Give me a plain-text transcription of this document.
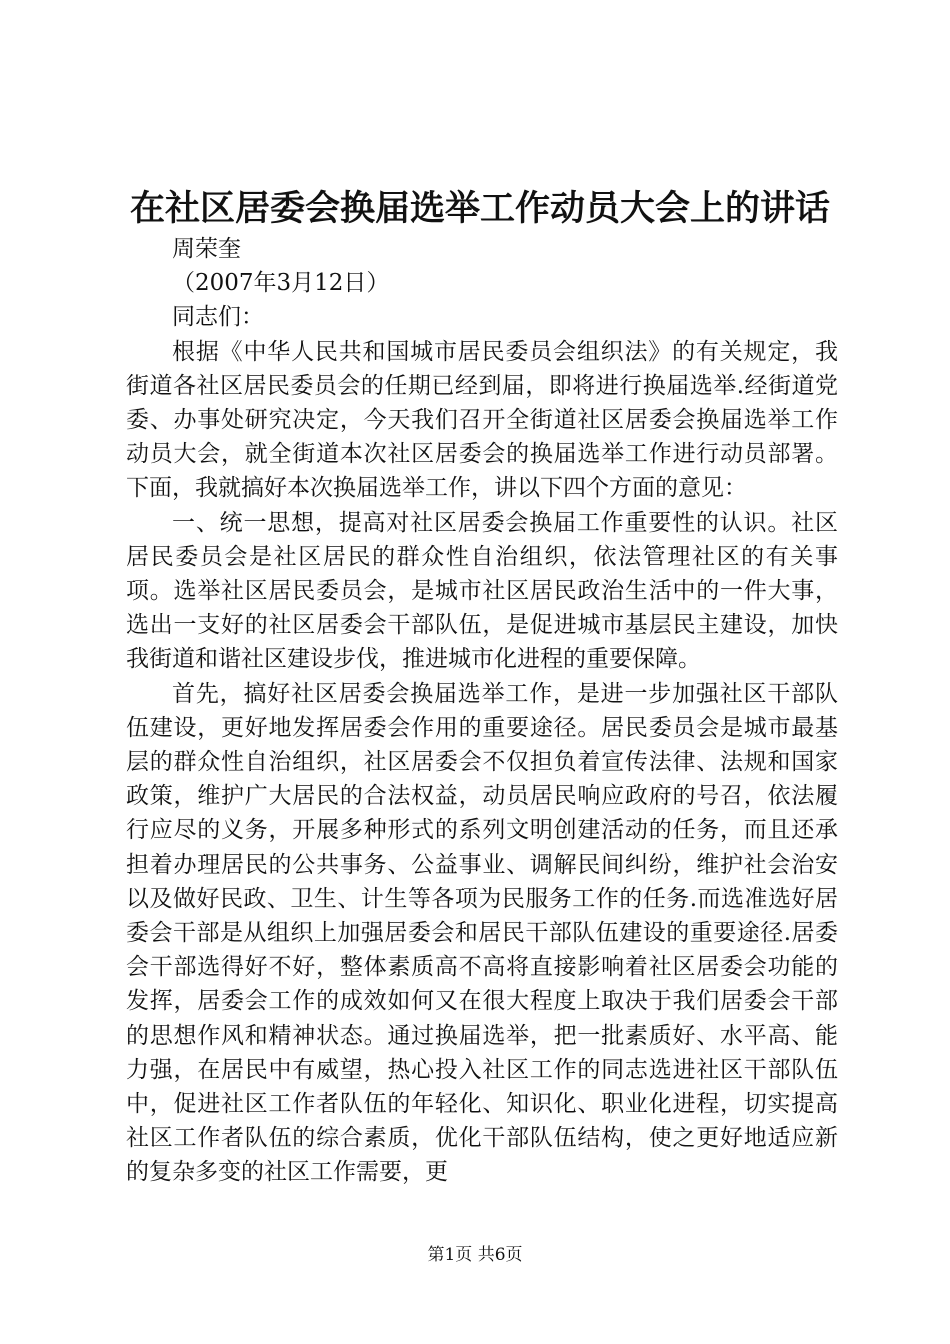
在社区居委会换届选举工作动员大会上的讲话

周荣奎

（2007年3月12日）

同志们：

根据《中华人民共和国城市居民委员会组织法》的有关规定，我街道各社区居民委员会的任期已经到届，即将进行换届选举.经街道党委、办事处研究决定，今天我们召开全街道社区居委会换届选举工作动员大会，就全街道本次社区居委会的换届选举工作进行动员部署。下面，我就搞好本次换届选举工作，讲以下四个方面的意见：

一、统一思想，提高对社区居委会换届工作重要性的认识。社区居民委员会是社区居民的群众性自治组织，依法管理社区的有关事项。选举社区居民委员会，是城市社区居民政治生活中的一件大事，选出一支好的社区居委会干部队伍，是促进城市基层民主建设，加快我街道和谐社区建设步伐，推进城市化进程的重要保障。

首先，搞好社区居委会换届选举工作，是进一步加强社区干部队伍建设，更好地发挥居委会作用的重要途径。居民委员会是城市最基层的群众性自治组织，社区居委会不仅担负着宣传法律、法规和国家政策，维护广大居民的合法权益，动员居民响应政府的号召，依法履行应尽的义务，开展多种形式的系列文明创建活动的任务，而且还承担着办理居民的公共事务、公益事业、调解民间纠纷，维护社会治安以及做好民政、卫生、计生等各项为民服务工作的任务.而选准选好居委会干部是从组织上加强居委会和居民干部队伍建设的重要途径.居委会干部选得好不好，整体素质高不高将直接影响着社区居委会功能的发挥，居委会工作的成效如何又在很大程度上取决于我们居委会干部的思想作风和精神状态。通过换届选举，把一批素质好、水平高、能力强，在居民中有威望，热心投入社区工作的同志选进社区干部队伍中，促进社区工作者队伍的年轻化、知识化、职业化进程，切实提高社区工作者队伍的综合素质，优化干部队伍结构，使之更好地适应新的复杂多变的社区工作需要，更

第1页 共6页
